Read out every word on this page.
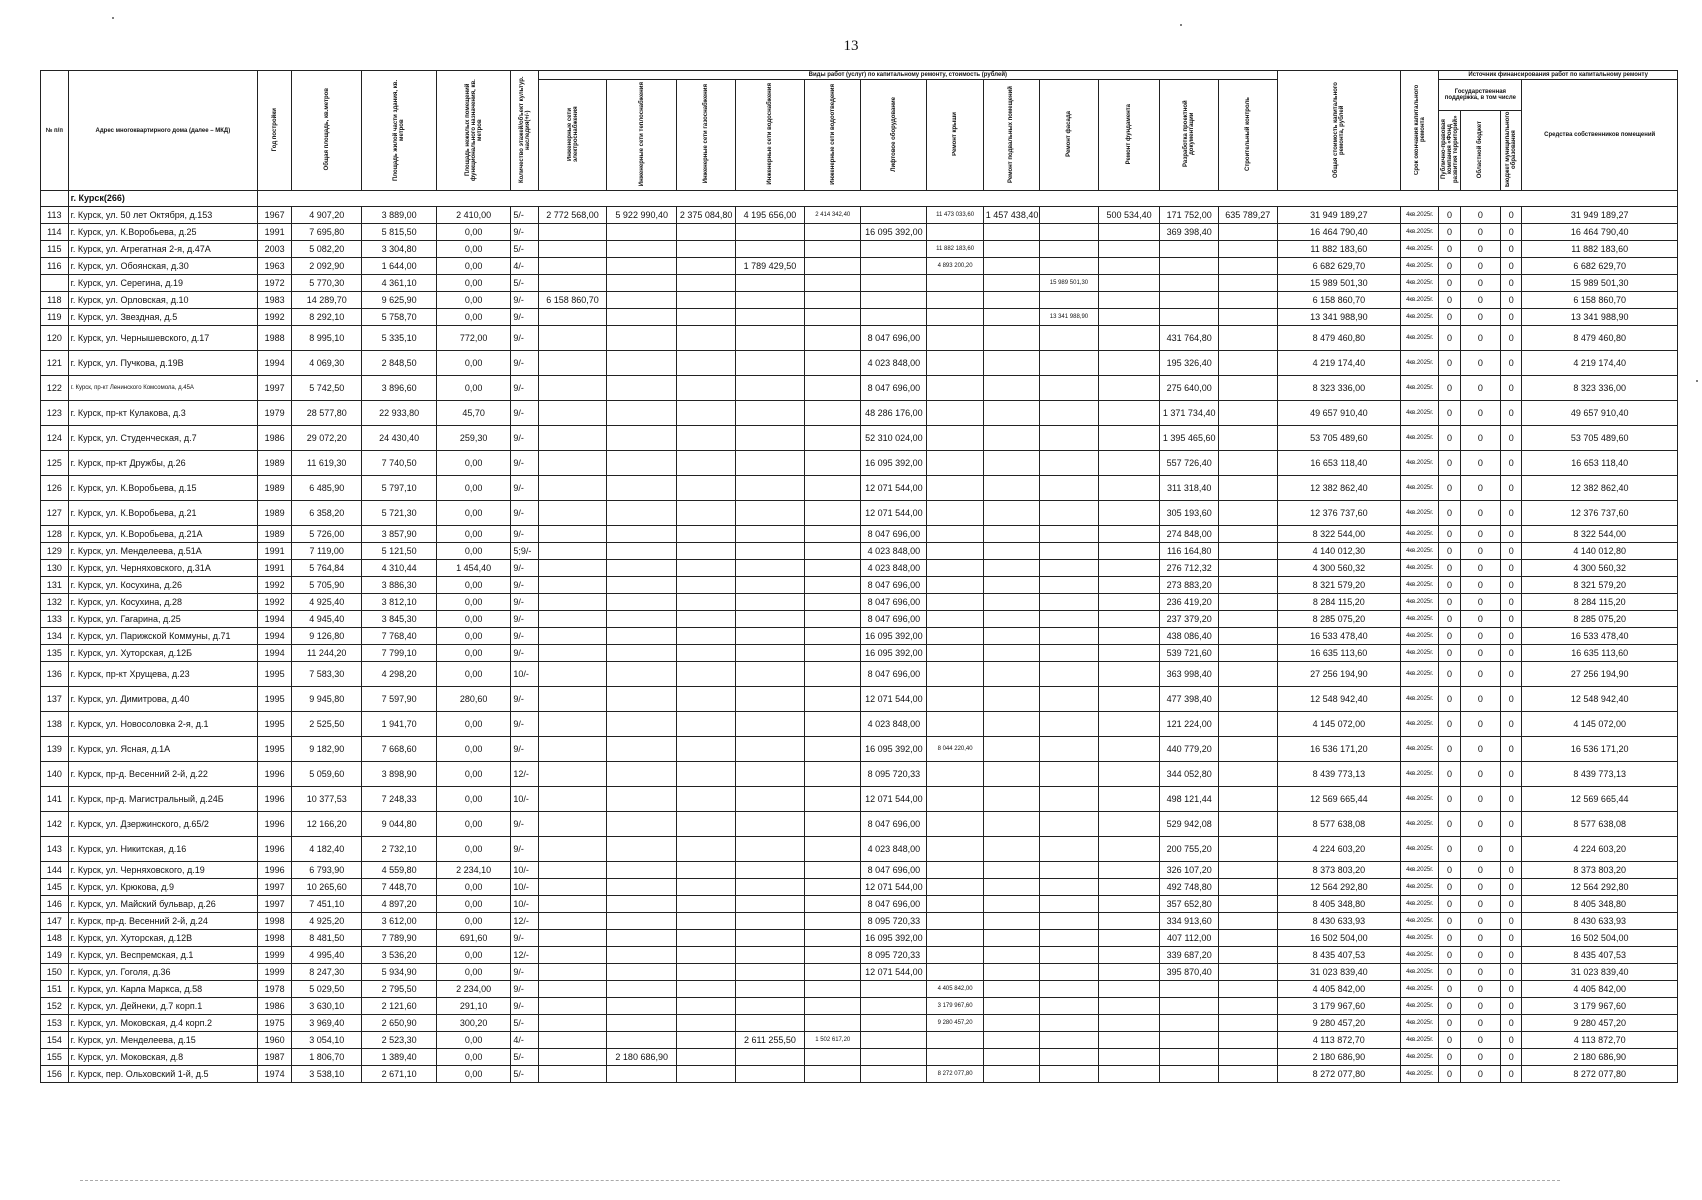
13
№ п/п	Адрес многоквартирного дома (далее – МКД)	Год постройки	Общая площадь, кв.метров	Площадь жилой части здания, кв. метров	Площадь нежилых помещений функционального назначения, кв. метров	Количество этажей/объект культур. наследия(+/-)	Виды работ (услуг) по капитальному ремонту, стоимость (рублей)												Общая стоимость капитального ремонта, рублей	Срок окончания капитального ремонта	Источник финансирования работ по капитальному ремонту			
							Инженерные сети электроснабжения	Инженерные сети теплоснабжения	Инженерные сети газоснабжения	Инженерные сети водоснабжения	Инженерные сети водоотведения	Лифтовое оборудование	Ремонт крыши	Ремонт подвальных помещений	Ремонт фасада	Ремонт фундамента	Разработка проектной документации	Строительный контроль			Государственная поддержка, в том числе			Средства собственников помещений
																					Публично-правовая компания «Фонд развития территорий»	Областной бюджет	Бюджет муниципального образования	
	г. Курск(266)																							
113	г. Курск, ул. 50 лет Октября, д.153	1967	4 907,20	3 889,00	2 410,00	5/-	2 772 568,00	5 922 990,40	2 375 084,80	4 195 656,00	2 414 342,40		11 473 033,60	1 457 438,40		500 534,40	171 752,00	635 789,27	31 949 189,27	4кв.2025г.	0	0	0	31 949 189,27
114	г. Курск, ул. К.Воробьева, д.25	1991	7 695,80	5 815,50	0,00	9/-						16 095 392,00					369 398,40		16 464 790,40	4кв.2025г.	0	0	0	16 464 790,40
115	г. Курск, ул. Агрегатная 2-я, д.47А	2003	5 082,20	3 304,80	0,00	5/-							11 882 183,60						11 882 183,60	4кв.2025г.	0	0	0	11 882 183,60
116	г. Курск, ул. Обоянская, д.30	1963	2 092,90	1 644,00	0,00	4/-				1 789 429,50			4 893 200,20						6 682 629,70	4кв.2025г.	0	0	0	6 682 629,70
	г. Курск, ул. Серегина, д.19	1972	5 770,30	4 361,10	0,00	5/-									15 989 501,30				15 989 501,30	4кв.2025г.	0	0	0	15 989 501,30
118	г. Курск, ул. Орловская, д.10	1983	14 289,70	9 625,90	0,00	9/-	6 158 860,70												6 158 860,70	4кв.2025г.	0	0	0	6 158 860,70
119	г. Курск, ул. Звездная, д.5	1992	8 292,10	5 758,70	0,00	9/-									13 341 988,90				13 341 988,90	4кв.2025г.	0	0	0	13 341 988,90
120	г. Курск, ул. Чернышевского, д.17	1988	8 995,10	5 335,10	772,00	9/-						8 047 696,00					431 764,80		8 479 460,80	4кв.2025г.	0	0	0	8 479 460,80
121	г. Курск, ул. Пучкова, д.19В	1994	4 069,30	2 848,50	0,00	9/-						4 023 848,00					195 326,40		4 219 174,40	4кв.2025г.	0	0	0	4 219 174,40
122	г. Курск, пр-кт Ленинского Комсомола, д.45А	1997	5 742,50	3 896,60	0,00	9/-						8 047 696,00					275 640,00		8 323 336,00	4кв.2025г.	0	0	0	8 323 336,00
123	г. Курск, пр-кт Кулакова, д.3	1979	28 577,80	22 933,80	45,70	9/-						48 286 176,00					1 371 734,40		49 657 910,40	4кв.2025г.	0	0	0	49 657 910,40
124	г. Курск, ул. Студенческая, д.7	1986	29 072,20	24 430,40	259,30	9/-						52 310 024,00					1 395 465,60		53 705 489,60	4кв.2025г.	0	0	0	53 705 489,60
125	г. Курск, пр-кт Дружбы, д.26	1989	11 619,30	7 740,50	0,00	9/-						16 095 392,00					557 726,40		16 653 118,40	4кв.2025г.	0	0	0	16 653 118,40
126	г. Курск, ул. К.Воробьева, д.15	1989	6 485,90	5 797,10	0,00	9/-						12 071 544,00					311 318,40		12 382 862,40	4кв.2025г.	0	0	0	12 382 862,40
127	г. Курск, ул. К.Воробьева, д.21	1989	6 358,20	5 721,30	0,00	9/-						12 071 544,00					305 193,60		12 376 737,60	4кв.2025г.	0	0	0	12 376 737,60
128	г. Курск, ул. К.Воробьева, д.21А	1989	5 726,00	3 857,90	0,00	9/-						8 047 696,00					274 848,00		8 322 544,00	4кв.2025г.	0	0	0	8 322 544,00
129	г. Курск, ул. Менделеева, д.51А	1991	7 119,00	5 121,50	0,00	5;9/-						4 023 848,00					116 164,80		4 140 012,30	4кв.2025г.	0	0	0	4 140 012,80
130	г. Курск, ул. Черняховского, д.31А	1991	5 764,84	4 310,44	1 454,40	9/-						4 023 848,00					276 712,32		4 300 560,32	4кв.2025г.	0	0	0	4 300 560,32
131	г. Курск, ул. Косухина, д.26	1992	5 705,90	3 886,30	0,00	9/-						8 047 696,00					273 883,20		8 321 579,20	4кв.2025г.	0	0	0	8 321 579,20
132	г. Курск, ул. Косухина, д.28	1992	4 925,40	3 812,10	0,00	9/-						8 047 696,00					236 419,20		8 284 115,20	4кв.2025г.	0	0	0	8 284 115,20
133	г. Курск, ул. Гагарина, д.25	1994	4 945,40	3 845,30	0,00	9/-						8 047 696,00					237 379,20		8 285 075,20	4кв.2025г.	0	0	0	8 285 075,20
134	г. Курск, ул. Парижской Коммуны, д.71	1994	9 126,80	7 768,40	0,00	9/-						16 095 392,00					438 086,40		16 533 478,40	4кв.2025г.	0	0	0	16 533 478,40
135	г. Курск, ул. Хуторская, д.12Б	1994	11 244,20	7 799,10	0,00	9/-						16 095 392,00					539 721,60		16 635 113,60	4кв.2025г.	0	0	0	16 635 113,60
136	г. Курск, пр-кт Хрущева, д.23	1995	7 583,30	4 298,20	0,00	10/-						8 047 696,00					363 998,40		27 256 194,90	4кв.2025г.	0	0	0	27 256 194,90
137	г. Курск, ул. Димитрова, д.40	1995	9 945,80	7 597,90	280,60	9/-						12 071 544,00					477 398,40		12 548 942,40	4кв.2025г.	0	0	0	12 548 942,40
138	г. Курск, ул. Новосоловка 2-я, д.1	1995	2 525,50	1 941,70	0,00	9/-						4 023 848,00					121 224,00		4 145 072,00	4кв.2025г.	0	0	0	4 145 072,00
139	г. Курск, ул. Ясная, д.1А	1995	9 182,90	7 668,60	0,00	9/-						16 095 392,00	8 044 220,40				440 779,20		16 536 171,20	4кв.2025г.	0	0	0	16 536 171,20
140	г. Курск, пр-д. Весенний 2-й, д.22	1996	5 059,60	3 898,90	0,00	12/-						8 095 720,33					344 052,80		8 439 773,13	4кв.2025г.	0	0	0	8 439 773,13
141	г. Курск, пр-д. Магистральный, д.24Б	1996	10 377,53	7 248,33	0,00	10/-						12 071 544,00					498 121,44		12 569 665,44	4кв.2025г.	0	0	0	12 569 665,44
142	г. Курск, ул. Дзержинского, д.65/2	1996	12 166,20	9 044,80	0,00	9/-						8 047 696,00					529 942,08		8 577 638,08	4кв.2025г.	0	0	0	8 577 638,08
143	г. Курск, ул. Никитская, д.16	1996	4 182,40	2 732,10	0,00	9/-						4 023 848,00					200 755,20		4 224 603,20	4кв.2025г.	0	0	0	4 224 603,20
144	г. Курск, ул. Черняховского, д.19	1996	6 793,90	4 559,80	2 234,10	10/-						8 047 696,00					326 107,20		8 373 803,20	4кв.2025г.	0	0	0	8 373 803,20
145	г. Курск, ул. Крюкова, д.9	1997	10 265,60	7 448,70	0,00	10/-						12 071 544,00					492 748,80		12 564 292,80	4кв.2025г.	0	0	0	12 564 292,80
146	г. Курск, ул. Майский бульвар, д.26	1997	7 451,10	4 897,20	0,00	10/-						8 047 696,00					357 652,80		8 405 348,80	4кв.2025г.	0	0	0	8 405 348,80
147	г. Курск, пр-д. Весенний 2-й, д.24	1998	4 925,20	3 612,00	0,00	12/-						8 095 720,33					334 913,60		8 430 633,93	4кв.2025г.	0	0	0	8 430 633,93
148	г. Курск, ул. Хуторская, д.12В	1998	8 481,50	7 789,90	691,60	9/-						16 095 392,00					407 112,00		16 502 504,00	4кв.2025г.	0	0	0	16 502 504,00
149	г. Курск, ул. Веспремская, д.1	1999	4 995,40	3 536,20	0,00	12/-						8 095 720,33					339 687,20		8 435 407,53	4кв.2025г.	0	0	0	8 435 407,53
150	г. Курск, ул. Гоголя, д.36	1999	8 247,30	5 934,90	0,00	9/-						12 071 544,00					395 870,40		31 023 839,40	4кв.2025г.	0	0	0	31 023 839,40
151	г. Курск, ул. Карла Маркса, д.58	1978	5 029,50	2 795,50	2 234,00	9/-							4 405 842,00						4 405 842,00	4кв.2025г.	0	0	0	4 405 842,00
152	г. Курск, ул. Дейнеки, д.7 корп.1	1986	3 630,10	2 121,60	291,10	9/-							3 179 967,60						3 179 967,60	4кв.2025г.	0	0	0	3 179 967,60
153	г. Курск, ул. Моковская, д.4 корп.2	1975	3 969,40	2 650,90	300,20	5/-							9 280 457,20						9 280 457,20	4кв.2025г.	0	0	0	9 280 457,20
154	г. Курск, ул. Менделеева, д.15	1960	3 054,10	2 523,30	0,00	4/-				2 611 255,50	1 502 617,20								4 113 872,70	4кв.2025г.	0	0	0	4 113 872,70
155	г. Курск, ул. Моковская, д.8	1987	1 806,70	1 389,40	0,00	5/-		2 180 686,90											2 180 686,90	4кв.2025г.	0	0	0	2 180 686,90
156	г. Курск, пер. Ольховский 1-й, д.5	1974	3 538,10	2 671,10	0,00	5/-							8 272 077,80						8 272 077,80	4кв.2025г.	0	0	0	8 272 077,80
